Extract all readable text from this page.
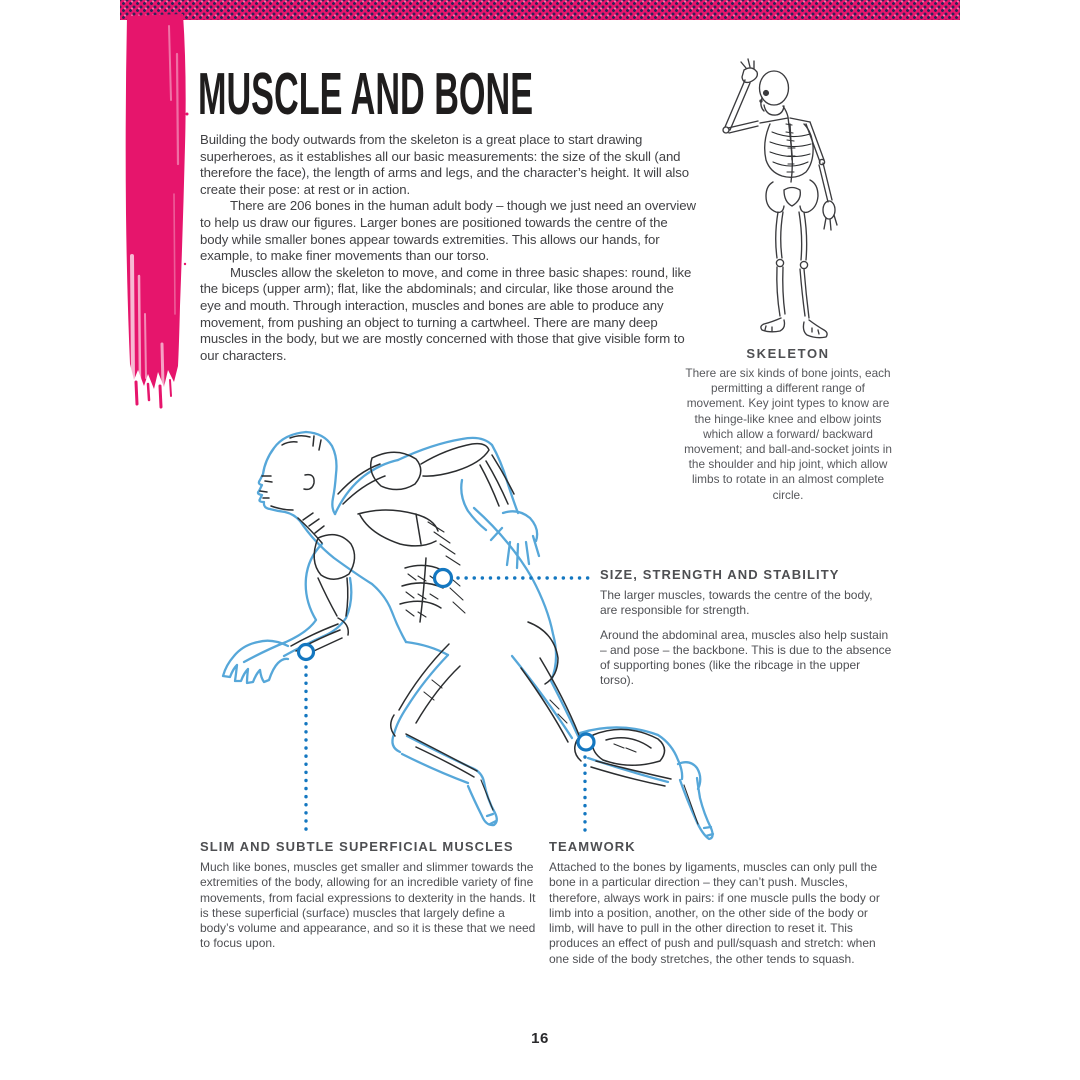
MUSCLE AND BONE

Building the body outwards from the skeleton is a great place to start drawing superheroes, as it establishes all our basic measurements: the size of the skull (and therefore the face), the length of arms and legs, and the character’s height. It will also create their pose: at rest or in action.

There are 206 bones in the human adult body – though we just need an overview to help us draw our figures. Larger bones are positioned towards the centre of the body while smaller bones appear towards extremities. This allows our hands, for example, to make finer movements than our torso.

Muscles allow the skeleton to move, and come in three basic shapes: round, like the biceps (upper arm); flat, like the abdominals; and circular, like those around the eye and mouth. Through interaction, muscles and bones are able to produce any movement, from pushing an object to turning a cartwheel. There are many deep muscles in the body, but we are mostly concerned with those that give visible form to our characters.	SKELETON
There are six kinds of bone joints, each permitting a different range of movement. Key joint types to know are the hinge-like knee and elbow joints which allow a forward/ backward movement; and ball-and-socket joints in the shoulder and hip joint, which allow limbs to rotate in an almost complete circle.
SIZE, STRENGTH AND STABILITY

The larger muscles, towards the centre of the body, are responsible for strength.

Around the abdominal area, muscles also help sustain – and pose – the backbone. This is due to the absence of supporting bones (like the ribcage in the upper torso).

SLIM AND SUBTLE SUPERFICIAL MUSCLES

Much like bones, muscles get smaller and slimmer towards the extremities of the body, allowing for an incredible variety of fine movements, from facial expressions to dexterity in the hands. It is these superficial (surface) muscles that largely define a body’s volume and appearance, and so it is these that we need to focus upon.

TEAMWORK

Attached to the bones by ligaments, muscles can only pull the bone in a particular direction – they can’t push. Muscles, therefore, always work in pairs: if one muscle pulls the body or limb into a position, another, on the other side of the body or limb, will have to pull in the other direction to reset it. This produces an effect of push and pull/squash and stretch: when one side of the body stretches, the other tends to squash.

16
